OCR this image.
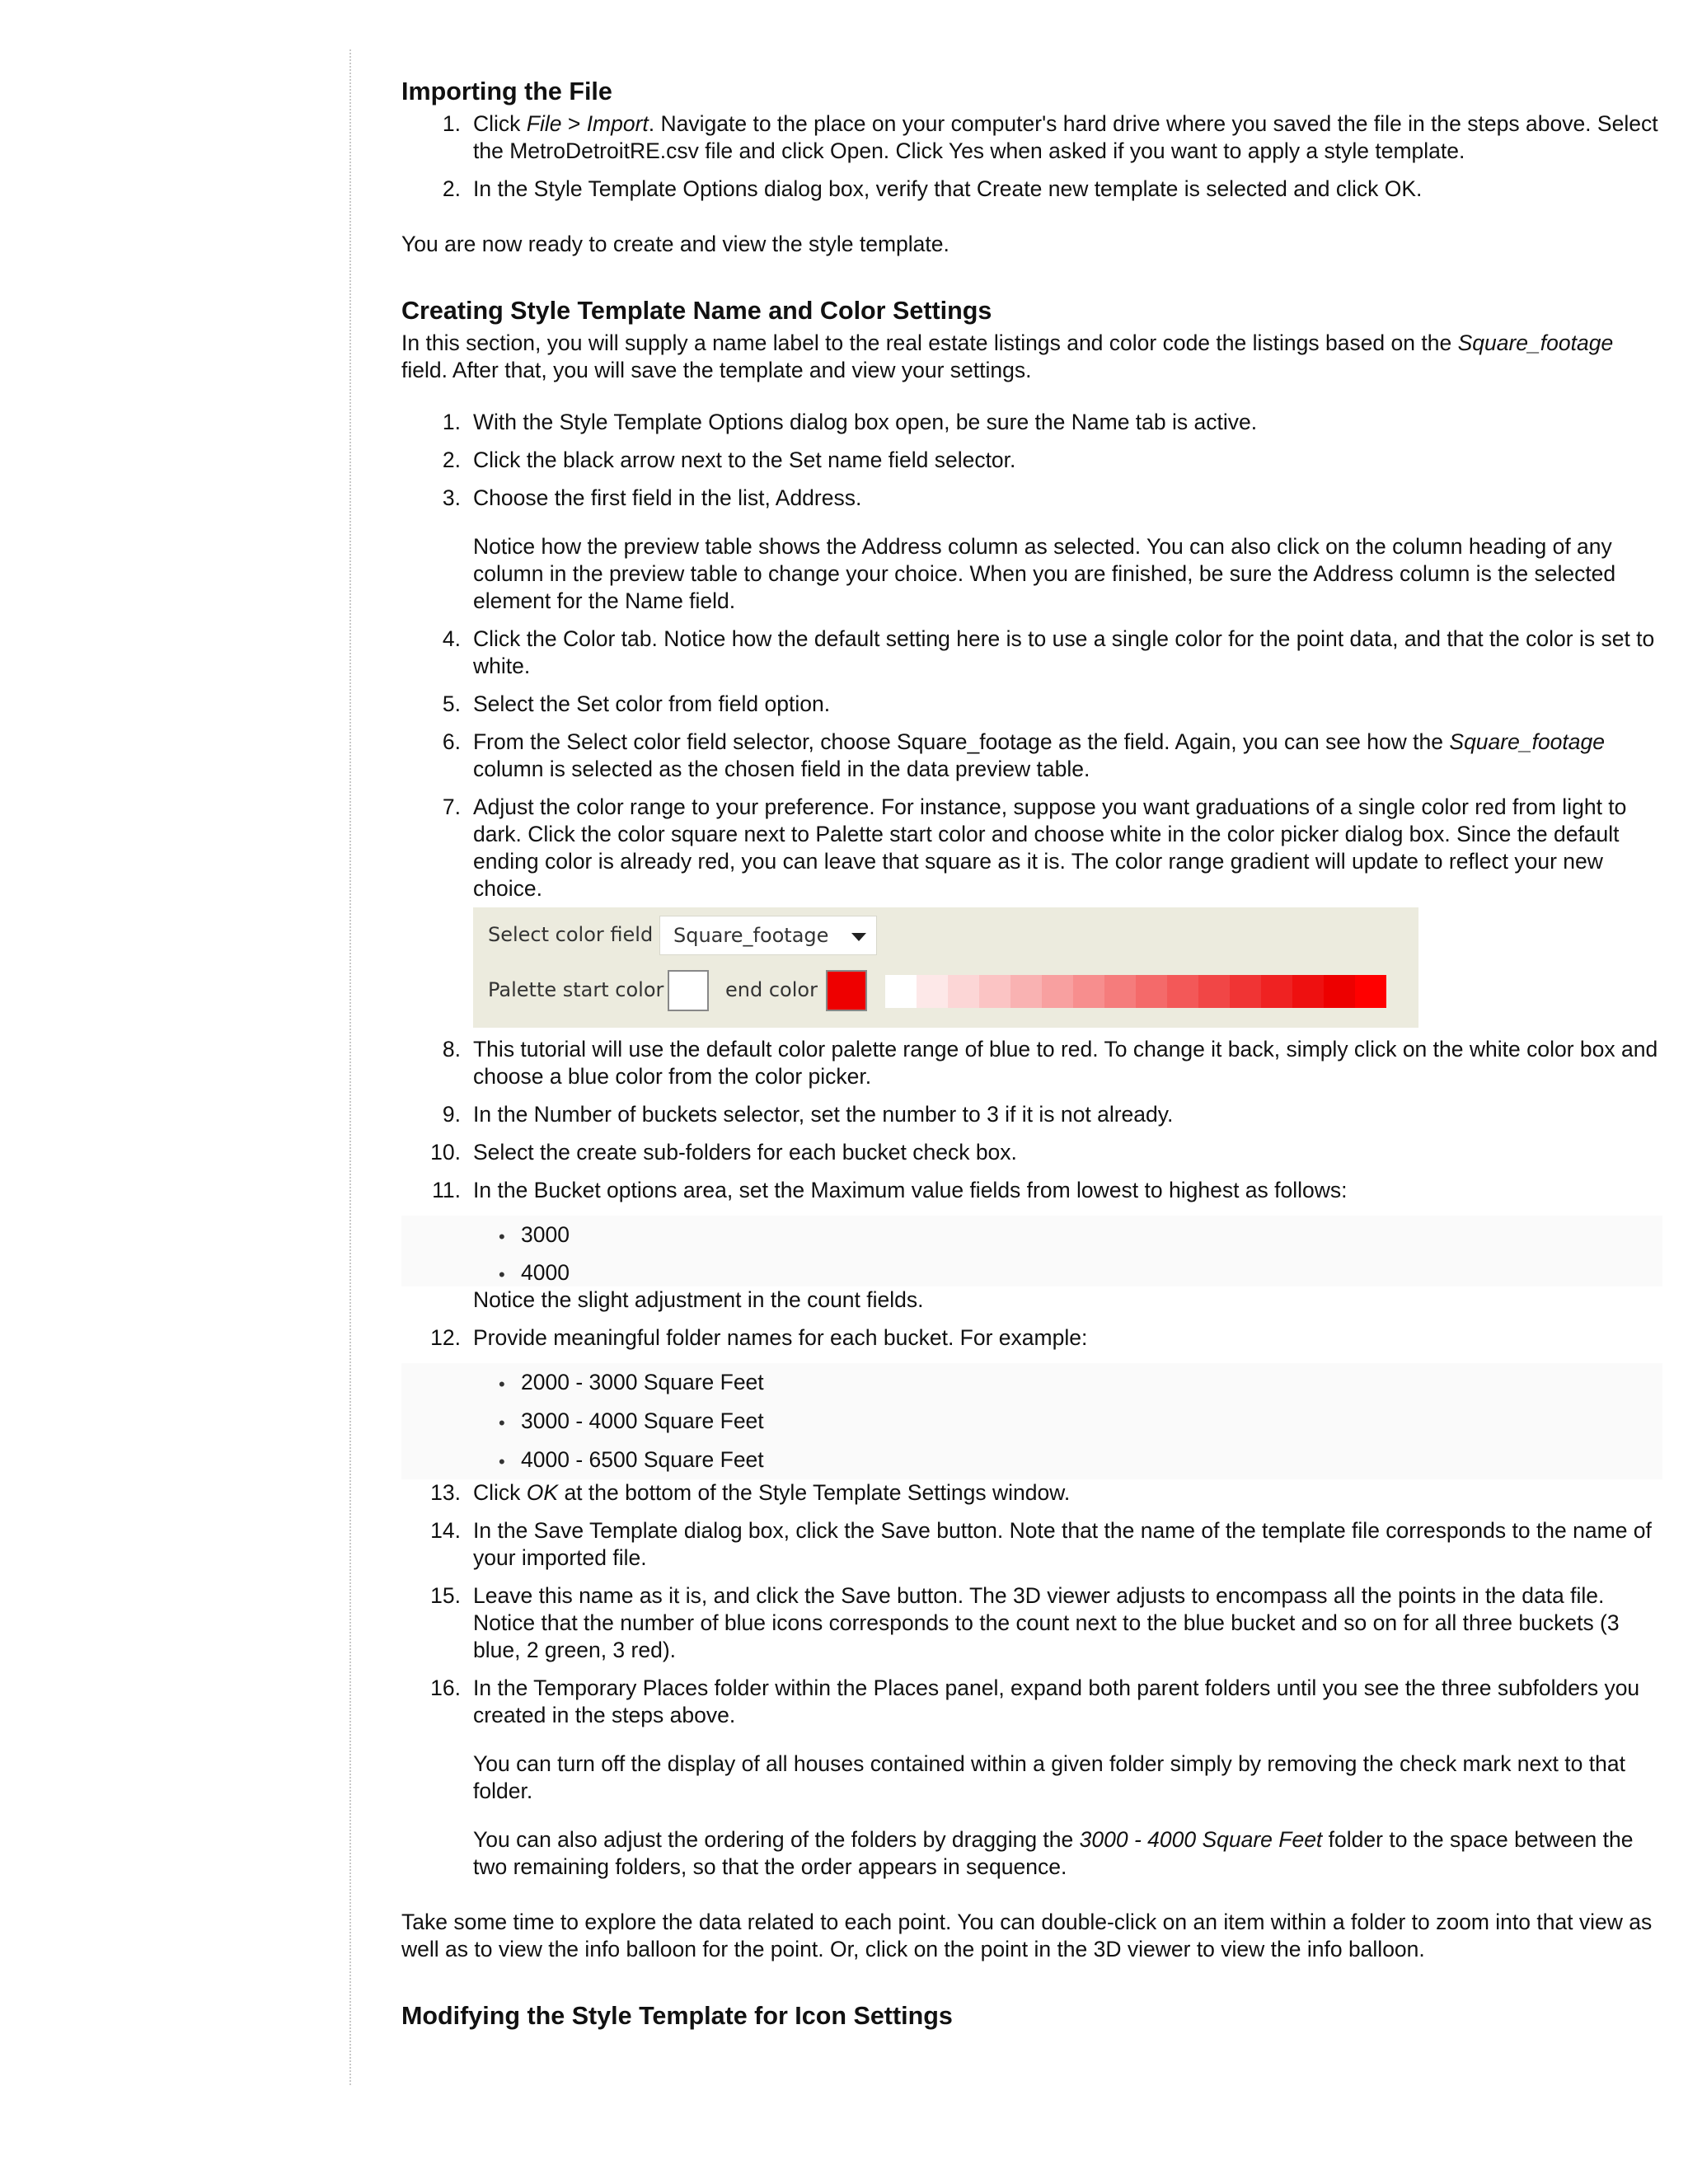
Importing the File
1. Click File > Import. Navigate to the place on your computer's hard drive where you saved the file in the steps above. Select the MetroDetroitRE.csv file and click Open. Click Yes when asked if you want to apply a style template.
2. In the Style Template Options dialog box, verify that Create new template is selected and click OK.

You are now ready to create and view the style template.

Creating Style Template Name and Color Settings

In this section, you will supply a name label to the real estate listings and color code the listings based on the Square_footage field. After that, you will save the template and view your settings.

1. With the Style Template Options dialog box open, be sure the Name tab is active.
2. Click the black arrow next to the Set name field selector.
3. Choose the first field in the list, Address.

Notice how the preview table shows the Address column as selected. You can also click on the column heading of any column in the preview table to change your choice. When you are finished, be sure the Address column is the selected element for the Name field.

4. Click the Color tab. Notice how the default setting here is to use a single color for the point data, and that the color is set to white.
5. Select the Set color from field option.
6. From the Select color field selector, choose Square_footage as the field. Again, you can see how the Square_footage column is selected as the chosen field in the data preview table.
7. Adjust the color range to your preference. For instance, suppose you want graduations of a single color red from light to dark. Click the color square next to Palette start color and choose white in the color picker dialog box. Since the default ending color is already red, you can leave that square as it is. The color range gradient will update to reflect your new choice.
Select color field Square_footage
Palette start color	end color
8. This tutorial will use the default color palette range of blue to red. To change it back, simply click on the white color box and choose a blue color from the color picker.
9. In the Number of buckets selector, set the number to 3 if it is not already.
10. Select the create sub-folders for each bucket check box.
11. In the Bucket options area, set the Maximum value fields from lowest to highest as follows:
• 3000
• 4000

Notice the slight adjustment in the count fields.

12. Provide meaningful folder names for each bucket. For example:
• 2000 - 3000 Square Feet
• 3000 - 4000 Square Feet
• 4000 - 6500 Square Feet
13. Click OK at the bottom of the Style Template Settings window.
14. In the Save Template dialog box, click the Save button. Note that the name of the template file corresponds to the name of your imported file.
15. Leave this name as it is, and click the Save button. The 3D viewer adjusts to encompass all the points in the data file. Notice that the number of blue icons corresponds to the count next to the blue bucket and so on for all three buckets (3 blue, 2 green, 3 red).
16. In the Temporary Places folder within the Places panel, expand both parent folders until you see the three subfolders you created in the steps above.

You can turn off the display of all houses contained within a given folder simply by removing the check mark next to that folder.

You can also adjust the ordering of the folders by dragging the 3000 - 4000 Square Feet folder to the space between the two remaining folders, so that the order appears in sequence.

Take some time to explore the data related to each point. You can double-click on an item within a folder to zoom into that view as well as to view the info balloon for the point. Or, click on the point in the 3D viewer to view the info balloon.

Modifying the Style Template for Icon Settings
